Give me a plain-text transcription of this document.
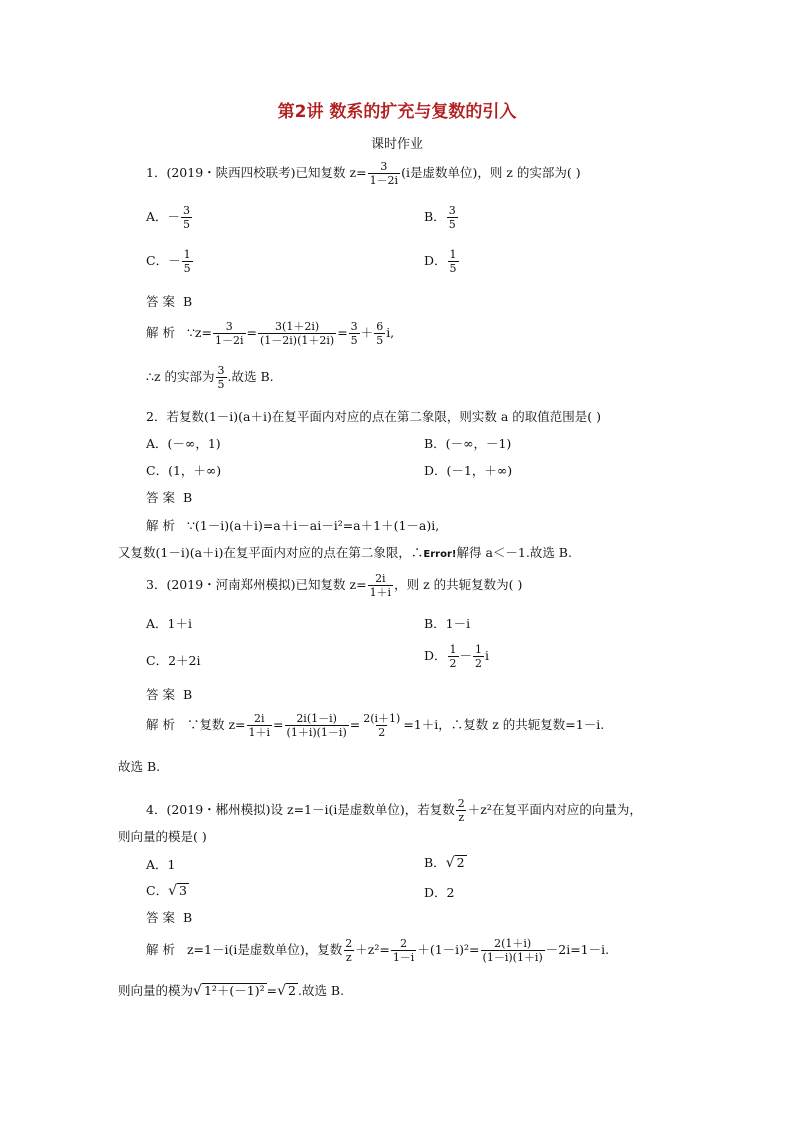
第2讲 数系的扩充与复数的引入
课时作业
1．(2019・陕西四校联考)已知复数 $z= \frac{3}{1-2i} (i$是虚数单位)，则 z 的实部为( )
A．－ $\frac{3}{5}$	B． $\frac{3}{5}$
C．－ $\frac{1}{5}$	D． $\frac{1}{5}$
答案 B
解析 ∵z= $\frac{3}{1-2i} = \frac{3(1+2i)}{(1-2i)(1+2i)} = \frac{3}{5} + \frac{6}{5} i$,
∴z 的实部为 $\frac{3}{5}$ .故选 B.
2．若复数(1－i)(a＋i)在复平面内对应的点在第二象限，则实数 a 的取值范围是( )
A．(－∞，1)	B．(－∞，－1)
C．(1，＋∞)	D．(－1，＋∞)
答案 B
解析 ∵(1－i)(a＋i)=a＋i－ai－i²=a＋1＋(1－a)i,
又复数(1－i)(a＋i)在复平面内对应的点在第二象限，∴Error!解得 a＜－1.故选 B.
3．(2019・河南郑州模拟)已知复数 $z= \frac{2i}{1+i}$ ，则 z 的共轭复数为( )
A．1＋i	B．1－i
C．2＋2i	D． $\frac{1}{2} - \frac{1}{2}$ i
答案 B
解析 ∵复数 $z= \frac{2i}{1+i} = \frac{2i(1-i)}{(1+i)(1-i)} = \frac{2(i+1)}{2} =1+i$，∴复数 z 的共轭复数=1－i.
故选 B.
4．(2019・郴州模拟)设 z=1－i(i是虚数单位)，若复数 $\frac{2}{z} +z^2$在复平面内对应的向量为，
则向量的模是( )
A．1	B． √ 2
C． √ 3	D．2
答案 B
解析 z=1－i(i是虚数单位)，复数 $\frac{2}{z} +z^2= \frac{2}{1-i} +(1-i)^2= \frac{2(1+i)}{(1-i)(1+i)} -2i=1-i$.
则向量的模为 √ 1²＋(－1)² = √ 2 .故选 B.
